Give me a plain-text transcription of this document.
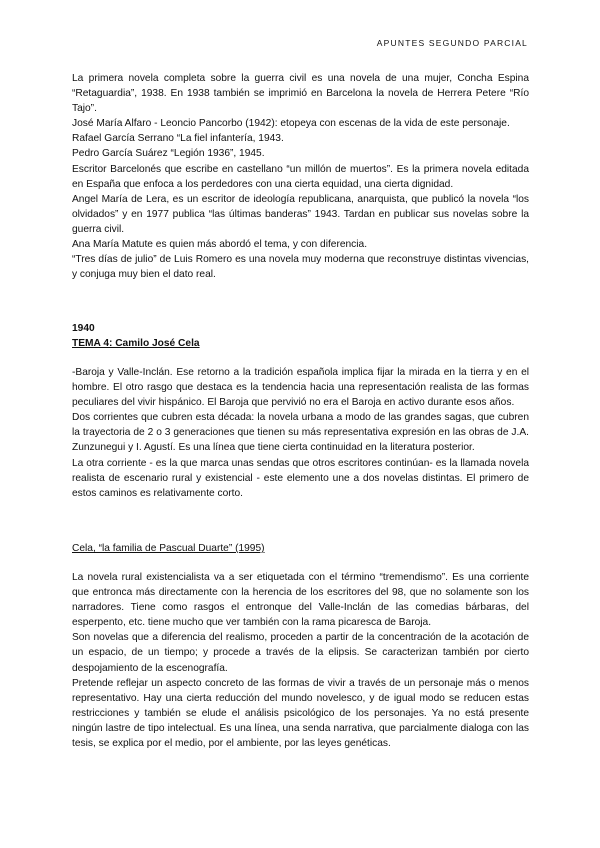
APUNTES SEGUNDO PARCIAL

La primera novela completa sobre la guerra civil es una novela de una mujer, Concha Espina “Retaguardia”, 1938. En 1938 también se imprimió en Barcelona la novela de Herrera Petere “Río Tajo”.

José María Alfaro - Leoncio Pancorbo (1942): etopeya con escenas de la vida de este personaje.

Rafael García Serrano “La fiel infantería, 1943.

Pedro García Suárez “Legión 1936”, 1945.

Escritor Barcelonés que escribe en castellano “un millón de muertos”. Es la primera novela editada en España que enfoca a los perdedores con una cierta equidad, una cierta dignidad.

Angel María de Lera, es un escritor de ideología republicana, anarquista, que publicó la novela “los olvidados” y en 1977 publica “las últimas banderas” 1943. Tardan en publicar sus novelas sobre la guerra civil.

Ana María Matute es quien más abordó el tema, y con diferencia.

“Tres días de julio” de Luis Romero es una novela muy moderna que reconstruye distintas vivencias, y conjuga muy bien el dato real.

1940
TEMA 4: Camilo José Cela

-Baroja y Valle-Inclán. Ese retorno a la tradición española implica fijar la mirada en la tierra y en el hombre. El otro rasgo que destaca es la tendencia hacia una representación realista de las formas peculiares del vivir hispánico. El Baroja que pervivió no era el Baroja en activo durante esos años.

Dos corrientes que cubren esta década: la novela urbana a modo de las grandes sagas, que cubren la trayectoria de 2 o 3 generaciones que tienen su más representativa expresión en las obras de J.A. Zunzunegui y I. Agustí. Es una línea que tiene cierta continuidad en la literatura posterior.

La otra corriente - es la que marca unas sendas que otros escritores continúan- es la llamada novela realista de escenario rural y existencial - este elemento une a dos novelas distintas. El primero de estos caminos es relativamente corto.

Cela, “la familia de Pascual Duarte” (1995)

La novela rural existencialista va a ser etiquetada con el término “tremendismo”. Es una corriente que entronca más directamente con la herencia de los escritores del 98, que no solamente son los narradores. Tiene como rasgos el entronque del Valle-Inclán de las comedias bárbaras, del esperpento, etc. tiene mucho que ver también con la rama picaresca de Baroja.

Son novelas que a diferencia del realismo, proceden a partir de la concentración de la acotación de un espacio, de un tiempo; y procede a través de la elipsis. Se caracterizan también por cierto despojamiento de la escenografía.

Pretende reflejar un aspecto concreto de las formas de vivir a través de un personaje más o menos representativo. Hay una cierta reducción del mundo novelesco, y de igual modo se reducen estas restricciones y también se elude el análisis psicológico de los personajes. Ya no está presente ningún lastre de tipo intelectual. Es una línea, una senda narrativa, que parcialmente dialoga con las tesis, se explica por el medio, por el ambiente, por las leyes genéticas.
